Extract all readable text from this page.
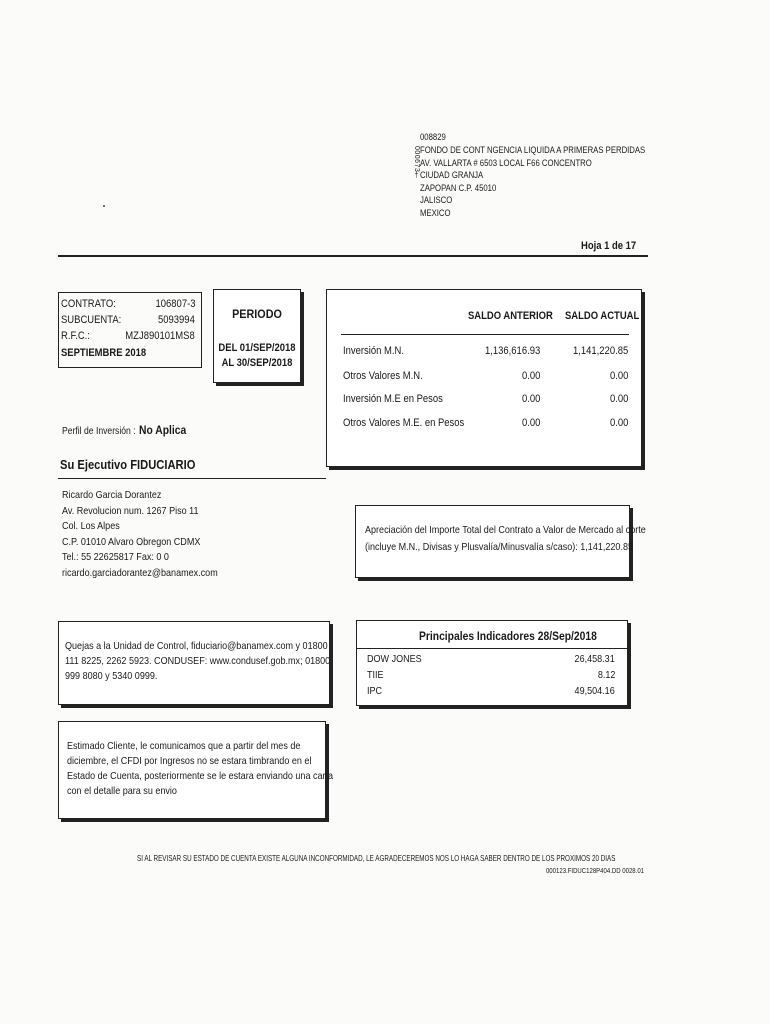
000673†
008829
FONDO DE CONT NGENCIA LIQUIDA A PRIMERAS PERDIDAS
AV. VALLARTA # 6503 LOCAL F66 CONCENTRO
CIUDAD GRANJA
ZAPOPAN C.P. 45010
JALISCO
MEXICO
Hoja 1 de 17
CONTRATO:	106807-3
SUBCUENTA:	5093994
R.F.C.:	MZJ890101MS8
SEPTIEMBRE 2018
PERIODO
DEL 01/SEP/2018
AL 30/SEP/2018
SALDO ANTERIOR SALDO ACTUAL
Inversión M.N.	1,136,616.93	1,141,220.85
Otros Valores M.N.	0.00	0.00
Inversión M.E en Pesos	0.00	0.00
Otros Valores M.E. en Pesos	0.00	0.00
Perfil de Inversión : No Aplica
Su Ejecutivo FIDUCIARIO
Ricardo Garcia Dorantez
Av. Revolucion num. 1267 Piso 11
Col. Los Alpes
C.P. 01010 Alvaro Obregon CDMX
Tel.: 55 22625817 Fax: 0 0
ricardo.garciadorantez@banamex.com
Apreciación del Importe Total del Contrato a Valor de Mercado al corte
(incluye M.N., Divisas y Plusvalía/Minusvalía s/caso): 1,141,220.85
Quejas a la Unidad de Control, fiduciario@banamex.com y 01800
111 8225, 2262 5923. CONDUSEF: www.condusef.gob.mx; 01800
999 8080 y 5340 0999.
Principales Indicadores 28/Sep/2018
DOW JONES	26,458.31
TIIE	8.12
IPC	49,504.16
Estimado Cliente, le comunicamos que a partir del mes de
diciembre, el CFDI por Ingresos no se estara timbrando en el
Estado de Cuenta, posteriormente se le estara enviando una carta
con el detalle para su envio
SI AL REVISAR SU ESTADO DE CUENTA EXISTE ALGUNA INCONFORMIDAD, LE AGRADECEREMOS NOS LO HAGA SABER DENTRO DE LOS PROXIMOS 20 DIAS
000123.FIDUC128P404.DD 0028.01
